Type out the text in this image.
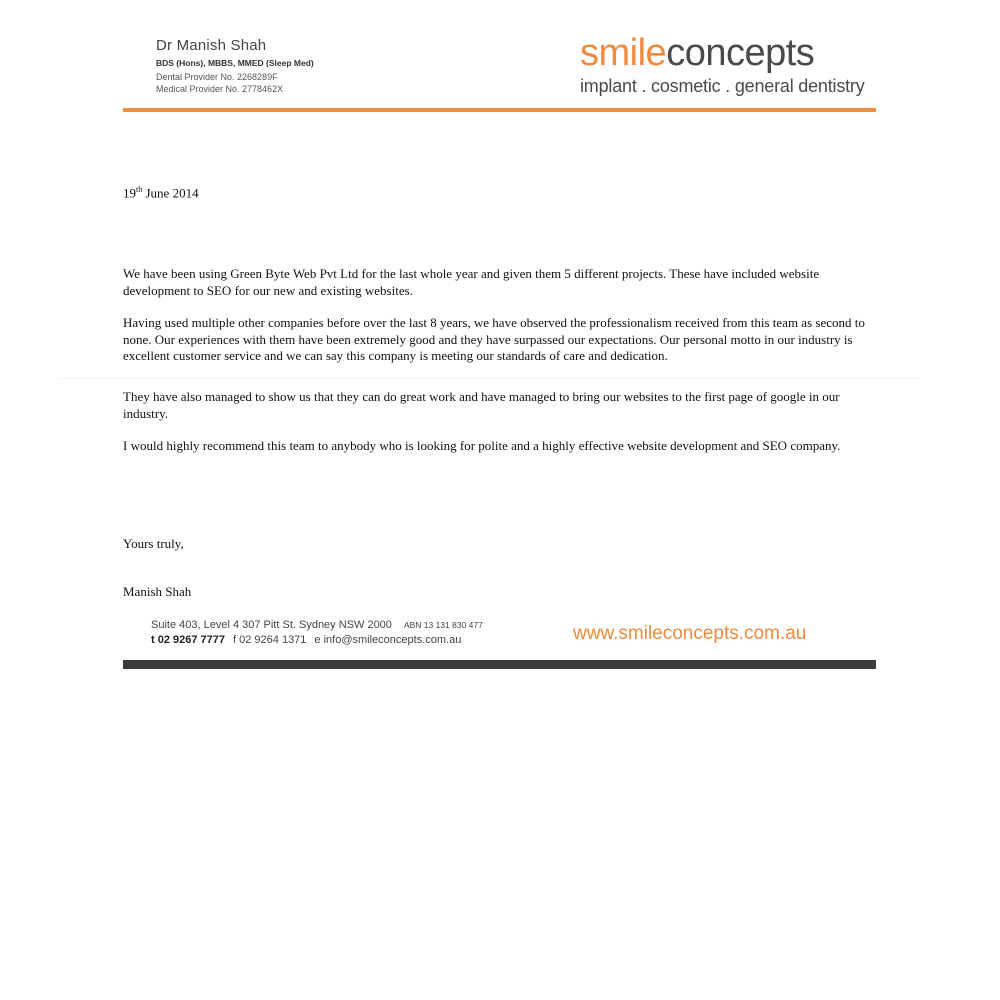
Dr Manish Shah
BDS (Hons), MBBS, MMED (Sleep Med)
Dental Provider No. 2268289F
Medical Provider No. 2778462X
smileconcepts
implant . cosmetic . general dentistry
19th June 2014

We have been using Green Byte Web Pvt Ltd for the last whole year and given them 5 different projects. These have included website development to SEO for our new and existing websites.

Having used multiple other companies before over the last 8 years, we have observed the professionalism received from this team as second to none. Our experiences with them have been extremely good and they have surpassed our expectations. Our personal motto in our industry is excellent customer service and we can say this company is meeting our standards of care and dedication.

They have also managed to show us that they can do great work and have managed to bring our websites to the first page of google in our industry.

I would highly recommend this team to anybody who is looking for polite and a highly effective website development and SEO company.

Yours truly,
Manish Shah
Suite 403, Level 4 307 Pitt St. Sydney NSW 2000 ABN 13 131 830 477
t 02 9267 7777 f 02 9264 1371 e info@smileconcepts.com.au	www.smileconcepts.com.au
